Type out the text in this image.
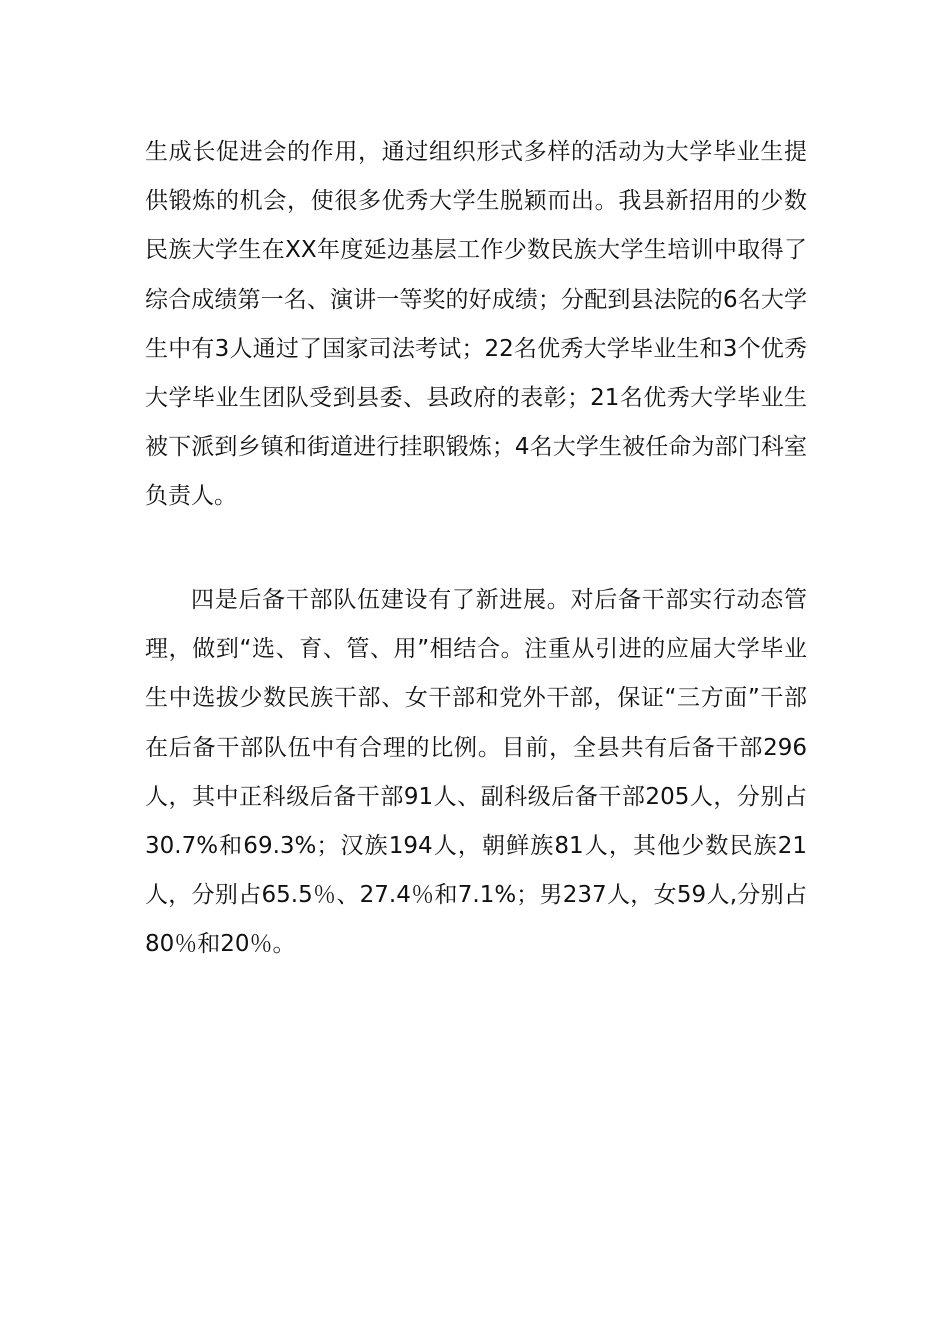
生成长促进会的作用，通过组织形式多样的活动为大学毕业生提供锻炼的机会，使很多优秀大学生脱颖而出。我县新招用的少数民族大学生在XX年度延边基层工作少数民族大学生培训中取得了综合成绩第一名、演讲一等奖的好成绩；分配到县法院的6名大学生中有3人通过了国家司法考试；22名优秀大学毕业生和3个优秀大学毕业生团队受到县委、县政府的表彰；21名优秀大学毕业生被下派到乡镇和街道进行挂职锻炼；4名大学生被任命为部门科室负责人。

四是后备干部队伍建设有了新进展。对后备干部实行动态管理，做到“选、育、管、用”相结合。注重从引进的应届大学毕业生中选拔少数民族干部、女干部和党外干部，保证“三方面”干部在后备干部队伍中有合理的比例。目前，全县共有后备干部296人，其中正科级后备干部91人、副科级后备干部205人，分别占30.7%和69.3%；汉族194人，朝鲜族81人，其他少数民族21人，分别占65.5％、27.4％和7.1%；男237人，女59人,分别占80％和20％。
